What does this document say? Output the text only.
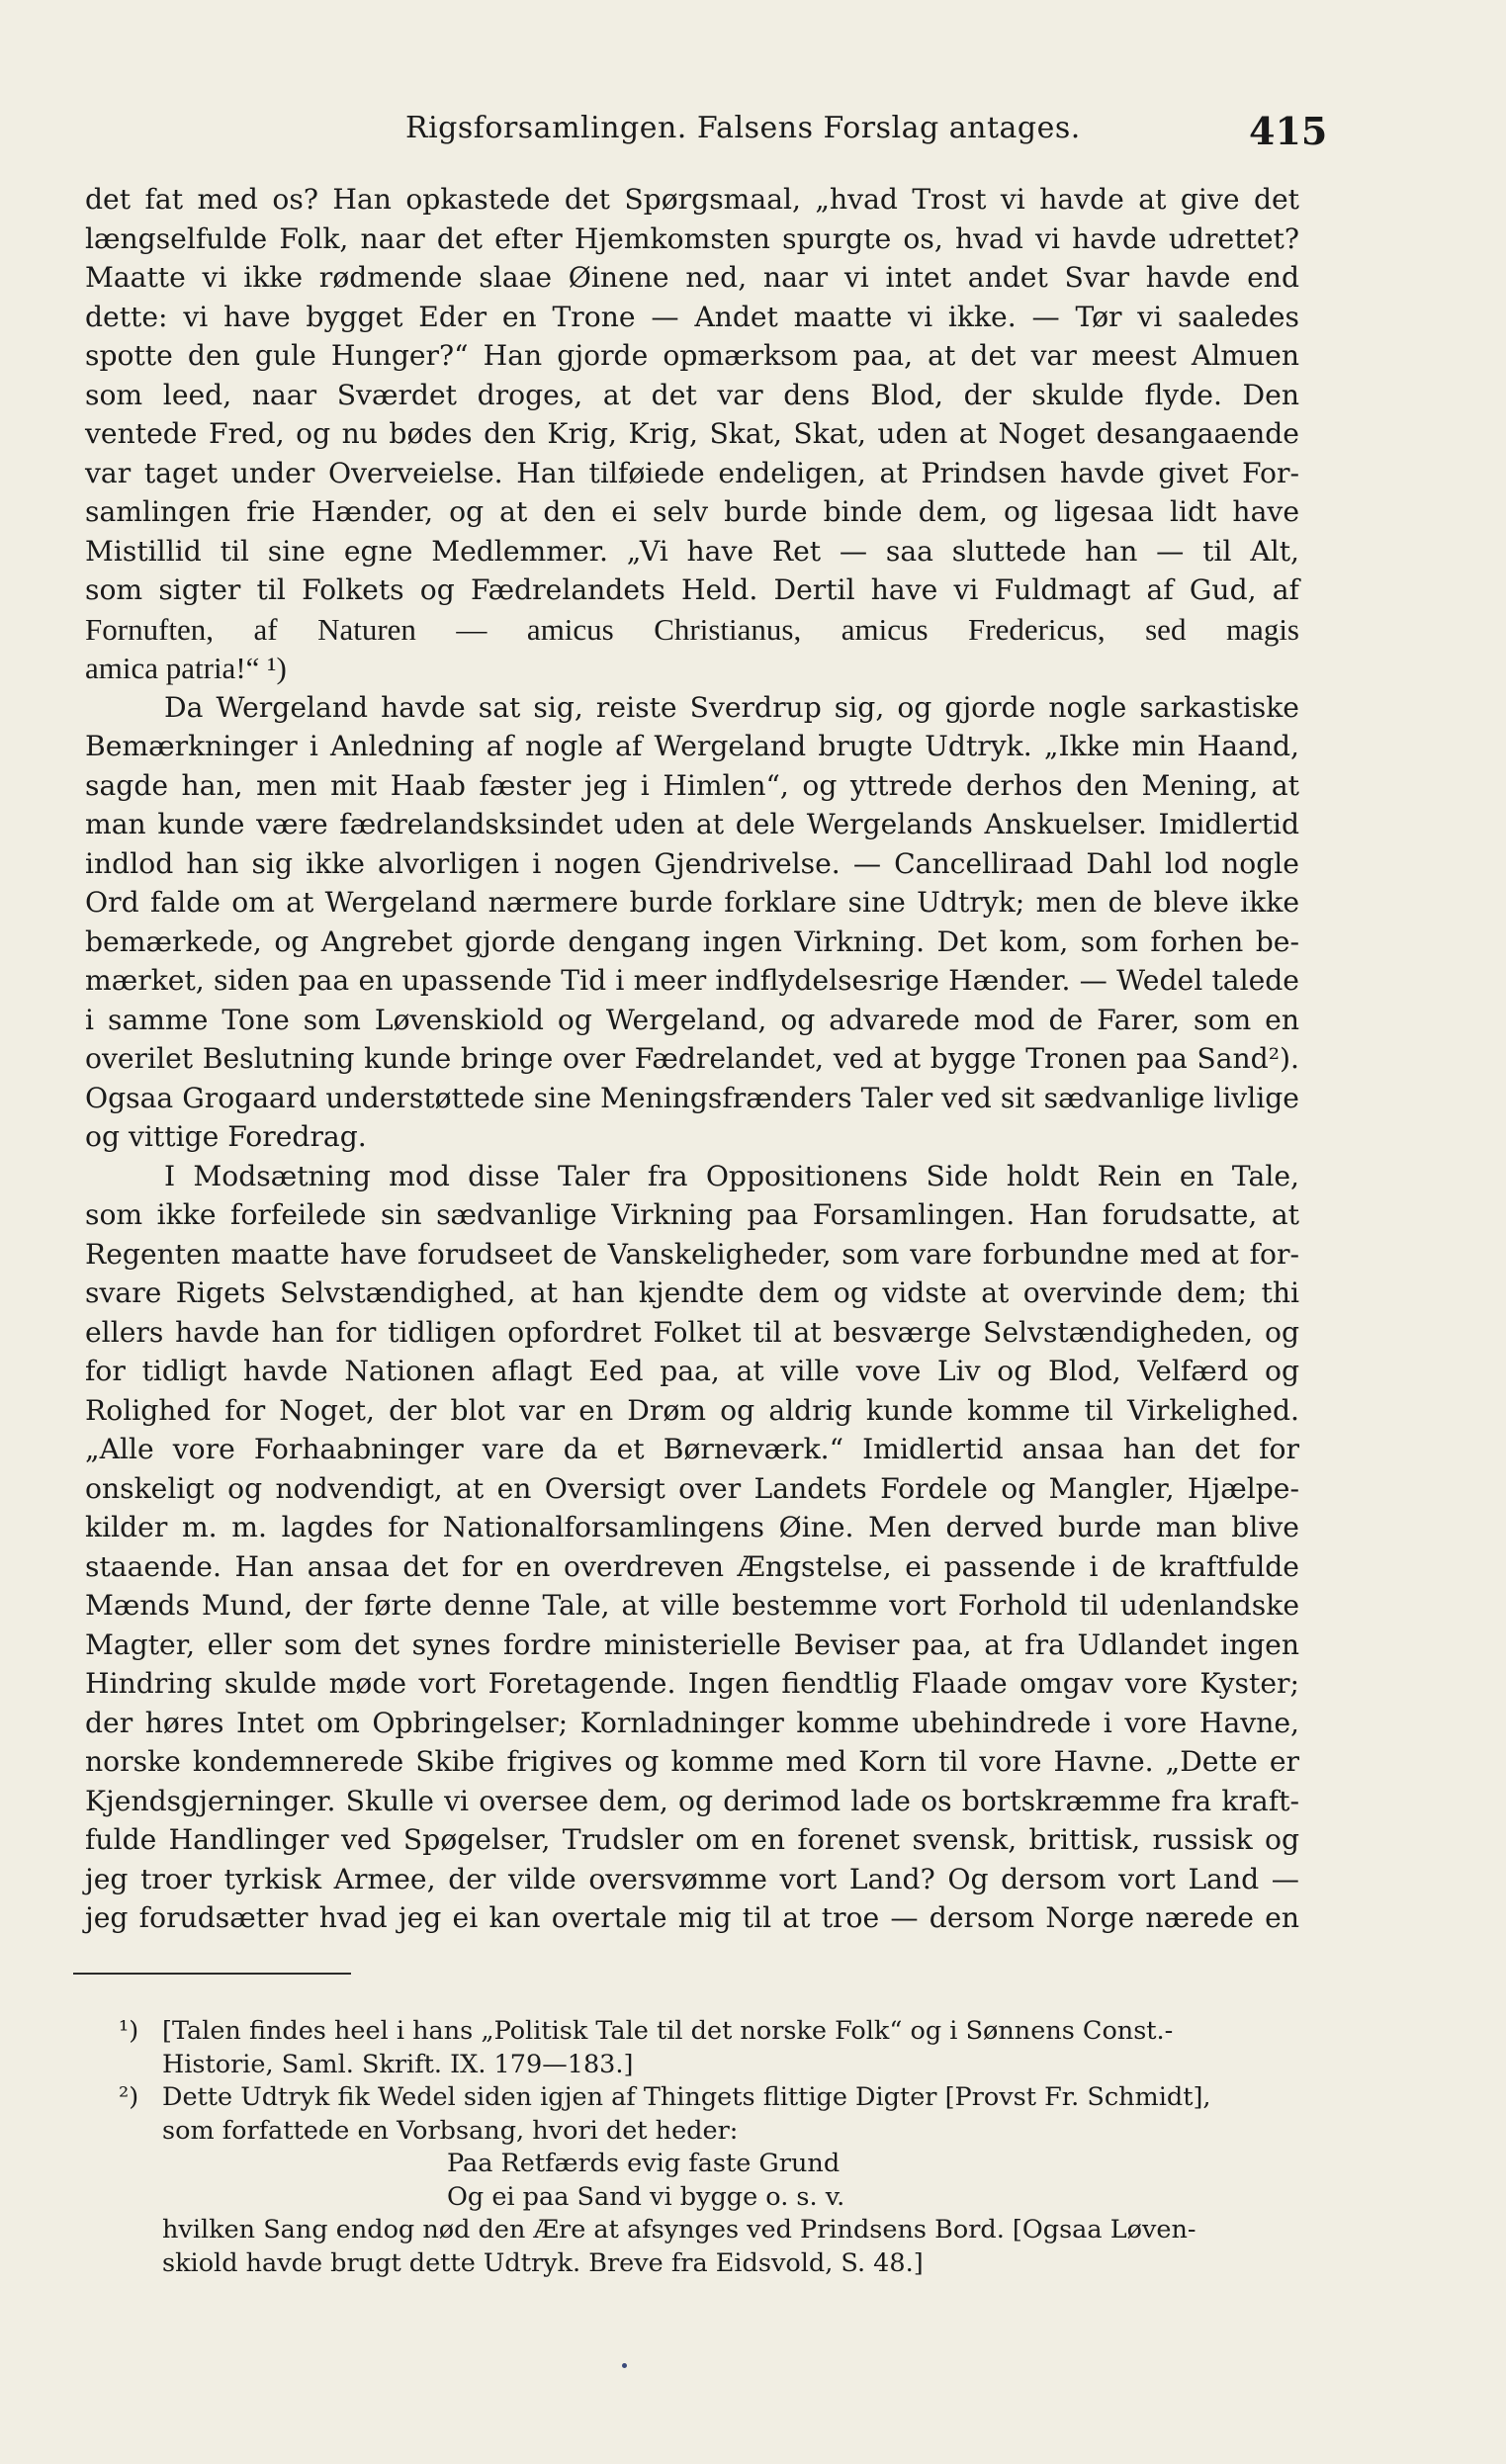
Rigsforsamlingen. Falsens Forslag antages.	415
det fat med os? Han opkastede det Spørgsmaal, „hvad Trost vi havde at give det
længselfulde Folk, naar det efter Hjemkomsten spurgte os, hvad vi havde udrettet?
Maatte vi ikke rødmende slaae Øinene ned, naar vi intet andet Svar havde end
dette: vi have bygget Eder en Trone — Andet maatte vi ikke. — Tør vi saaledes
spotte den gule Hunger?“ Han gjorde opmærksom paa, at det var meest Almuen
som leed, naar Sværdet droges, at det var dens Blod, der skulde flyde. Den
ventede Fred, og nu bødes den Krig, Krig, Skat, Skat, uden at Noget desangaaende
var taget under Overveielse. Han tilføiede endeligen, at Prindsen havde givet For-
samlingen frie Hænder, og at den ei selv burde binde dem, og ligesaa lidt have
Mistillid til sine egne Medlemmer. „Vi have Ret — saa sluttede han — til Alt,
som sigter til Folkets og Fædrelandets Held. Dertil have vi Fuldmagt af Gud, af
Fornuften, af Naturen — amicus Christianus, amicus Fredericus, sed magis
amica patria!“ ¹)
Da Wergeland havde sat sig, reiste Sverdrup sig, og gjorde nogle sarkastiske
Bemærkninger i Anledning af nogle af Wergeland brugte Udtryk. „Ikke min Haand,
sagde han, men mit Haab fæster jeg i Himlen“, og yttrede derhos den Mening, at
man kunde være fædrelandsksindet uden at dele Wergelands Anskuelser. Imidlertid
indlod han sig ikke alvorligen i nogen Gjendrivelse. — Cancelliraad Dahl lod nogle
Ord falde om at Wergeland nærmere burde forklare sine Udtryk; men de bleve ikke
bemærkede, og Angrebet gjorde dengang ingen Virkning. Det kom, som forhen be-
mærket, siden paa en upassende Tid i meer indflydelsesrige Hænder. — Wedel talede
i samme Tone som Løvenskiold og Wergeland, og advarede mod de Farer, som en
overilet Beslutning kunde bringe over Fædrelandet, ved at bygge Tronen paa Sand²).
Ogsaa Grogaard understøttede sine Meningsfrænders Taler ved sit sædvanlige livlige
og vittige Foredrag.
I Modsætning mod disse Taler fra Oppositionens Side holdt Rein en Tale,
som ikke forfeilede sin sædvanlige Virkning paa Forsamlingen. Han forudsatte, at
Regenten maatte have forudseet de Vanskeligheder, som vare forbundne med at for-
svare Rigets Selvstændighed, at han kjendte dem og vidste at overvinde dem; thi
ellers havde han for tidligen opfordret Folket til at besværge Selvstændigheden, og
for tidligt havde Nationen aflagt Eed paa, at ville vove Liv og Blod, Velfærd og
Rolighed for Noget, der blot var en Drøm og aldrig kunde komme til Virkelighed.
„Alle vore Forhaabninger vare da et Børneværk.“ Imidlertid ansaa han det for
onskeligt og nodvendigt, at en Oversigt over Landets Fordele og Mangler, Hjælpe-
kilder m. m. lagdes for Nationalforsamlingens Øine. Men derved burde man blive
staaende. Han ansaa det for en overdreven Ængstelse, ei passende i de kraftfulde
Mænds Mund, der førte denne Tale, at ville bestemme vort Forhold til udenlandske
Magter, eller som det synes fordre ministerielle Beviser paa, at fra Udlandet ingen
Hindring skulde møde vort Foretagende. Ingen fiendtlig Flaade omgav vore Kyster;
der høres Intet om Opbringelser; Kornladninger komme ubehindrede i vore Havne,
norske kondemnerede Skibe frigives og komme med Korn til vore Havne. „Dette er
Kjendsgjerninger. Skulle vi oversee dem, og derimod lade os bortskræmme fra kraft-
fulde Handlinger ved Spøgelser, Trudsler om en forenet svensk, brittisk, russisk og
jeg troer tyrkisk Armee, der vilde oversvømme vort Land? Og dersom vort Land —
jeg forudsætter hvad jeg ei kan overtale mig til at troe — dersom Norge nærede en
¹) [Talen findes heel i hans „Politisk Tale til det norske Folk“ og i Sønnens Const.-
Historie, Saml. Skrift. IX. 179—183.]
²) Dette Udtryk fik Wedel siden igjen af Thingets flittige Digter [Provst Fr. Schmidt],
som forfattede en Vorbsang, hvori det heder:
Paa Retfærds evig faste Grund
Og ei paa Sand vi bygge o. s. v.
hvilken Sang endog nød den Ære at afsynges ved Prindsens Bord. [Ogsaa Løven-
skiold havde brugt dette Udtryk. Breve fra Eidsvold, S. 48.]
